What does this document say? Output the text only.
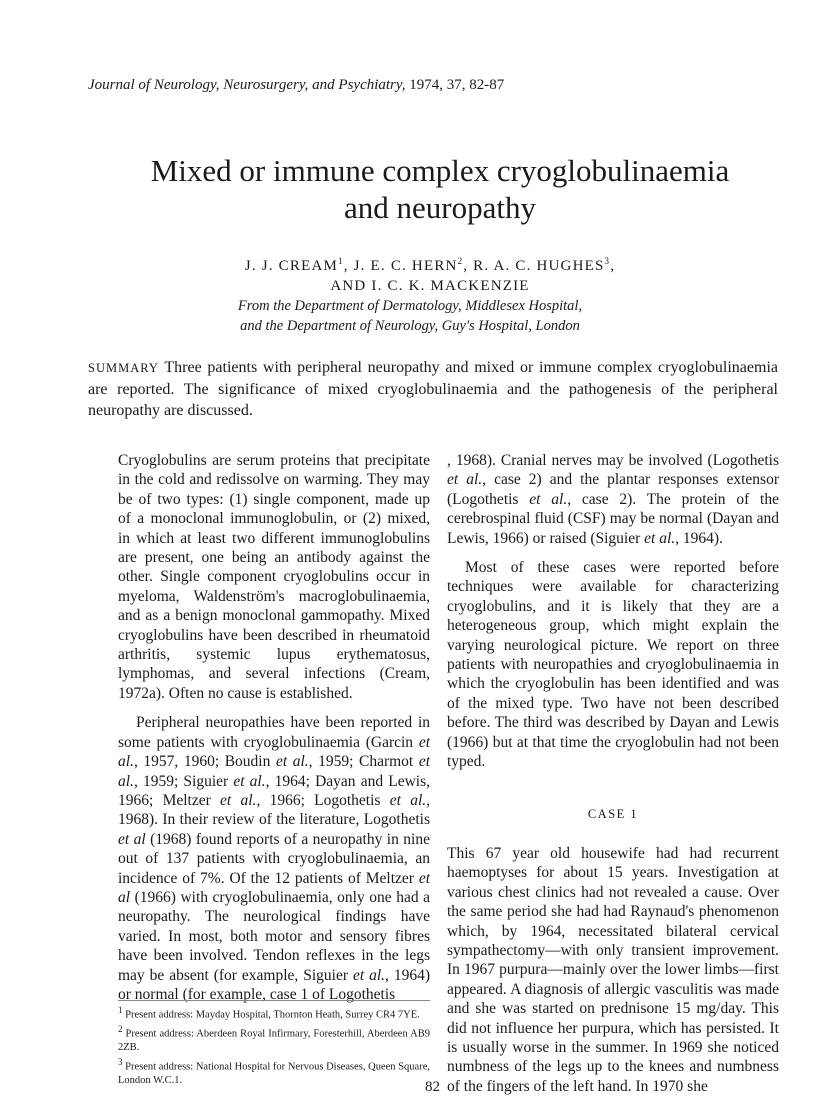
Journal of Neurology, Neurosurgery, and Psychiatry, 1974, 37, 82-87
Mixed or immune complex cryoglobulinaemia
and neuropathy
J. J. CREAM$^1$, J. E. C. HERN$^2$, R. A. C. HUGHES$^3$,
AND I. C. K. MACKENZIE
From the Department of Dermatology, Middlesex Hospital,
and the Department of Neurology, Guy's Hospital, London
SUMMARY Three patients with peripheral neuropathy and mixed or immune complex cryoglobulinaemia are reported. The significance of mixed cryoglobulinaemia and the pathogenesis of the peripheral neuropathy are discussed.

Cryoglobulins are serum proteins that precipitate in the cold and redissolve on warming. They may be of two types: (1) single component, made up of a monoclonal immunoglobulin, or (2) mixed, in which at least two different immunoglobulins are present, one being an antibody against the other. Single component cryoglobulins occur in myeloma, Waldenström's macroglobulinaemia, and as a benign monoclonal gammopathy. Mixed cryoglobulins have been described in rheumatoid arthritis, systemic lupus erythematosus, lymphomas, and several infections (Cream, 1972a). Often no cause is established.

Peripheral neuropathies have been reported in some patients with cryoglobulinaemia (Garcin et al., 1957, 1960; Boudin et al., 1959; Charmot et al., 1959; Siguier et al., 1964; Dayan and Lewis, 1966; Meltzer et al., 1966; Logothetis et al., 1968). In their review of the literature, Logothetis et al (1968) found reports of a neuropathy in nine out of 137 patients with cryoglobulinaemia, an incidence of 7%. Of the 12 patients of Meltzer et al (1966) with cryoglobulinaemia, only one had a neuropathy. The neurological findings have varied. In most, both motor and sensory fibres have been involved. Tendon reflexes in the legs may be absent (for example, Siguier et al., 1964) or normal (for example, case 1 of Logothetis

$^1$ Present address: Mayday Hospital, Thornton Heath, Surrey CR4 7YE.

$^2$ Present address: Aberdeen Royal Infirmary, Foresterhill, Aberdeen AB9 2ZB.

$^3$ Present address: National Hospital for Nervous Diseases, Queen Square, London W.C.1.

, 1968). Cranial nerves may be involved (Logothetis et al., case 2) and the plantar responses extensor (Logothetis et al., case 2). The protein of the cerebrospinal fluid (CSF) may be normal (Dayan and Lewis, 1966) or raised (Siguier et al., 1964).

Most of these cases were reported before techniques were available for characterizing cryoglobulins, and it is likely that they are a heterogeneous group, which might explain the varying neurological picture. We report on three patients with neuropathies and cryoglobulinaemia in which the cryoglobulin has been identified and was of the mixed type. Two have not been described before. The third was described by Dayan and Lewis (1966) but at that time the cryoglobulin had not been typed.

CASE 1

This 67 year old housewife had had recurrent haemoptyses for about 15 years. Investigation at various chest clinics had not revealed a cause. Over the same period she had had Raynaud's phenomenon which, by 1964, necessitated bilateral cervical sympathectomy—with only transient improvement. In 1967 purpura—mainly over the lower limbs—first appeared. A diagnosis of allergic vasculitis was made and she was started on prednisone 15 mg/day. This did not influence her purpura, which has persisted. It is usually worse in the summer. In 1969 she noticed numbness of the legs up to the knees and numbness of the fingers of the left hand. In 1970 she

82
